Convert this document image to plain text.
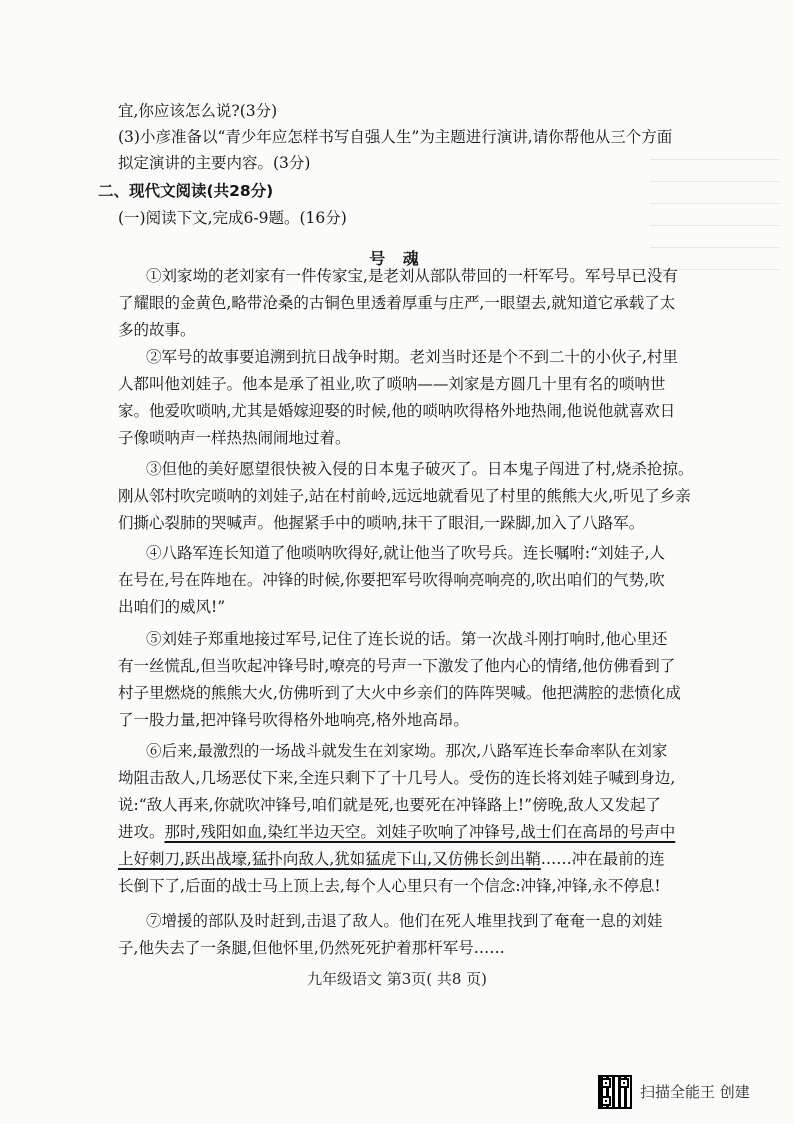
宜,你应该怎么说?(3分)
(3)小彦准备以“青少年应怎样书写自强人生”为主题进行演讲,请你帮他从三个方面
拟定演讲的主要内容。(3分)
二、现代文阅读(共28分)
(一)阅读下文,完成6-9题。(16分)
号 魂
①刘家坳的老刘家有一件传家宝,是老刘从部队带回的一杆军号。军号早已没有
了耀眼的金黄色,略带沧桑的古铜色里透着厚重与庄严,一眼望去,就知道它承载了太
多的故事。
②军号的故事要追溯到抗日战争时期。老刘当时还是个不到二十的小伙子,村里
人都叫他刘娃子。他本是承了祖业,吹了唢呐——刘家是方圆几十里有名的唢呐世
家。他爱吹唢呐,尤其是婚嫁迎娶的时候,他的唢呐吹得格外地热闹,他说他就喜欢日
子像唢呐声一样热热闹闹地过着。
③但他的美好愿望很快被入侵的日本鬼子破灭了。日本鬼子闯进了村,烧杀抢掠。
刚从邻村吹完唢呐的刘娃子,站在村前岭,远远地就看见了村里的熊熊大火,听见了乡亲
们撕心裂肺的哭喊声。他握紧手中的唢呐,抹干了眼泪,一跺脚,加入了八路军。
④八路军连长知道了他唢呐吹得好,就让他当了吹号兵。连长嘱咐:“刘娃子,人
在号在,号在阵地在。冲锋的时候,你要把军号吹得响亮响亮的,吹出咱们的气势,吹
出咱们的威风!”
⑤刘娃子郑重地接过军号,记住了连长说的话。第一次战斗刚打响时,他心里还
有一丝慌乱,但当吹起冲锋号时,嘹亮的号声一下激发了他内心的情绪,他仿佛看到了
村子里燃烧的熊熊大火,仿佛听到了大火中乡亲们的阵阵哭喊。他把满腔的悲愤化成
了一股力量,把冲锋号吹得格外地响亮,格外地高昂。
⑥后来,最激烈的一场战斗就发生在刘家坳。那次,八路军连长奉命率队在刘家
坳阻击敌人,几场恶仗下来,全连只剩下了十几号人。受伤的连长将刘娃子喊到身边,
说:“敌人再来,你就吹冲锋号,咱们就是死,也要死在冲锋路上!”傍晚,敌人又发起了
进攻。那时,残阳如血,染红半边天空。刘娃子吹响了冲锋号,战士们在高昂的号声中
上好刺刀,跃出战壕,猛扑向敌人,犹如猛虎下山,又仿佛长剑出鞘……冲在最前的连
长倒下了,后面的战士马上顶上去,每个人心里只有一个信念:冲锋,冲锋,永不停息!
⑦增援的部队及时赶到,击退了敌人。他们在死人堆里找到了奄奄一息的刘娃
子,他失去了一条腿,但他怀里,仍然死死护着那杆军号……
九年级语文 第3页( 共8 页)
扫描全能王 创建
